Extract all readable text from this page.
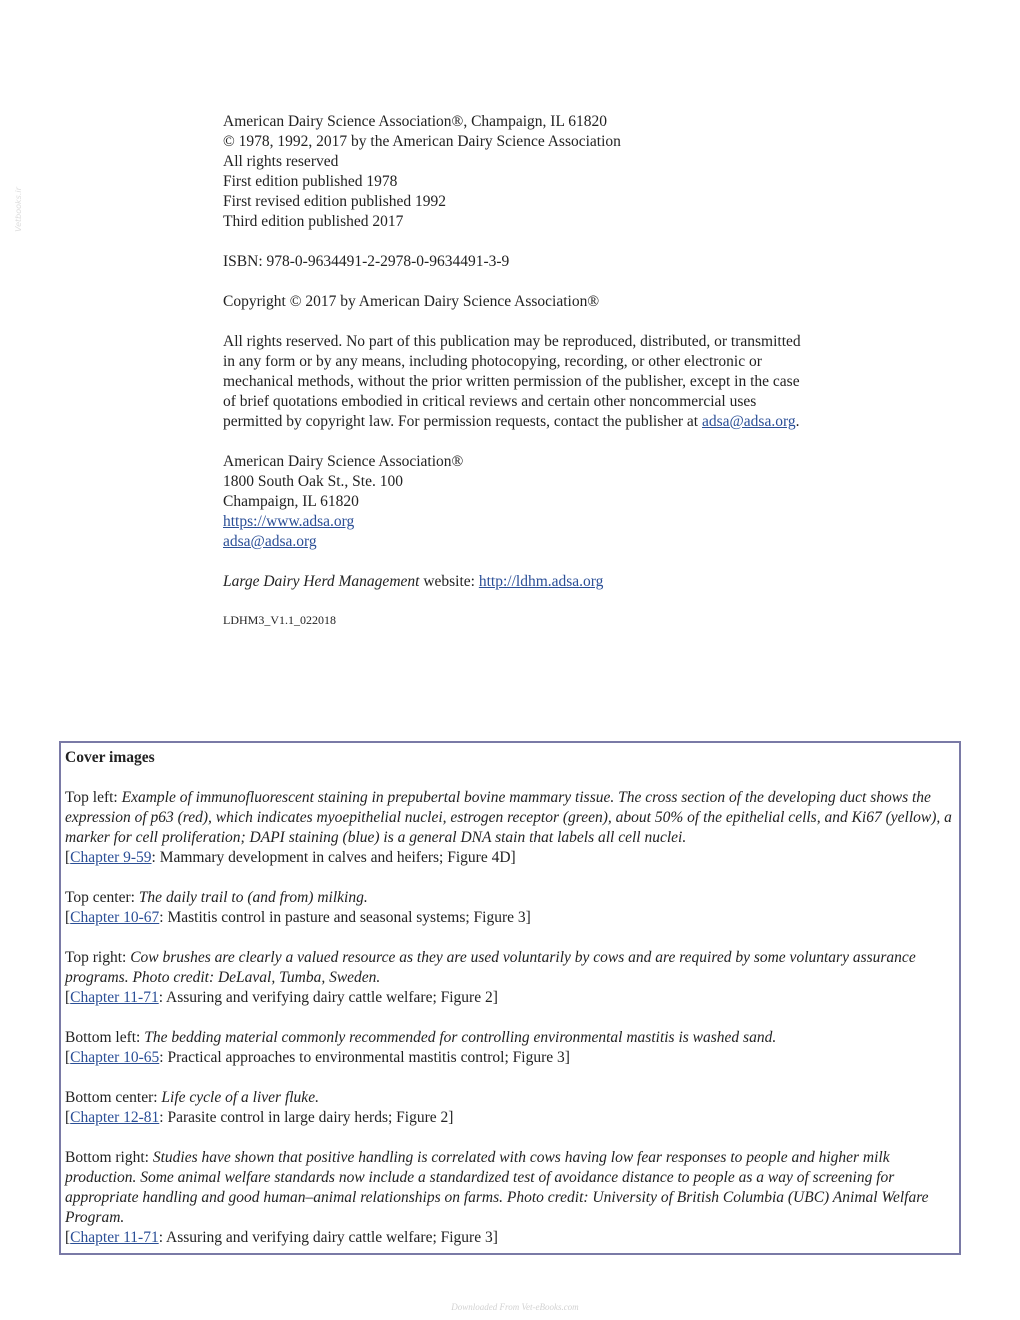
Vetbooks.ir
American Dairy Science Association®, Champaign, IL 61820
© 1978, 1992, 2017 by the American Dairy Science Association
All rights reserved
First edition published 1978
First revised edition published 1992
Third edition published 2017
ISBN: 978-0-9634491-2-2978-0-9634491-3-9
Copyright © 2017 by American Dairy Science Association®
All rights reserved. No part of this publication may be reproduced, distributed, or transmitted in any form or by any means, including photocopying, recording, or other electronic or mechanical methods, without the prior written permission of the publisher, except in the case of brief quotations embodied in critical reviews and certain other noncommercial uses permitted by copyright law. For permission requests, contact the publisher at adsa@adsa.org.
American Dairy Science Association®
1800 South Oak St., Ste. 100
Champaign, IL 61820
https://www.adsa.org
adsa@adsa.org
Large Dairy Herd Management website: http://ldhm.adsa.org
LDHM3_V1.1_022018
Cover images
Top left: Example of immunofluorescent staining in prepubertal bovine mammary tissue. The cross section of the developing duct shows the expression of p63 (red), which indicates myoepithelial nuclei, estrogen receptor (green), about 50% of the epithelial cells, and Ki67 (yellow), a marker for cell proliferation; DAPI staining (blue) is a general DNA stain that labels all cell nuclei.
[Chapter 9-59: Mammary development in calves and heifers; Figure 4D]
Top center: The daily trail to (and from) milking.
[Chapter 10-67: Mastitis control in pasture and seasonal systems; Figure 3]
Top right: Cow brushes are clearly a valued resource as they are used voluntarily by cows and are required by some voluntary assurance programs. Photo credit: DeLaval, Tumba, Sweden.
[Chapter 11-71: Assuring and verifying dairy cattle welfare; Figure 2]
Bottom left: The bedding material commonly recommended for controlling environmental mastitis is washed sand.
[Chapter 10-65: Practical approaches to environmental mastitis control; Figure 3]
Bottom center: Life cycle of a liver fluke.
[Chapter 12-81: Parasite control in large dairy herds; Figure 2]
Bottom right: Studies have shown that positive handling is correlated with cows having low fear responses to people and higher milk production. Some animal welfare standards now include a standardized test of avoidance distance to people as a way of screening for appropriate handling and good human–animal relationships on farms. Photo credit: University of British Columbia (UBC) Animal Welfare Program.
[Chapter 11-71: Assuring and verifying dairy cattle welfare; Figure 3]
Downloaded From Vet-eBooks.com
